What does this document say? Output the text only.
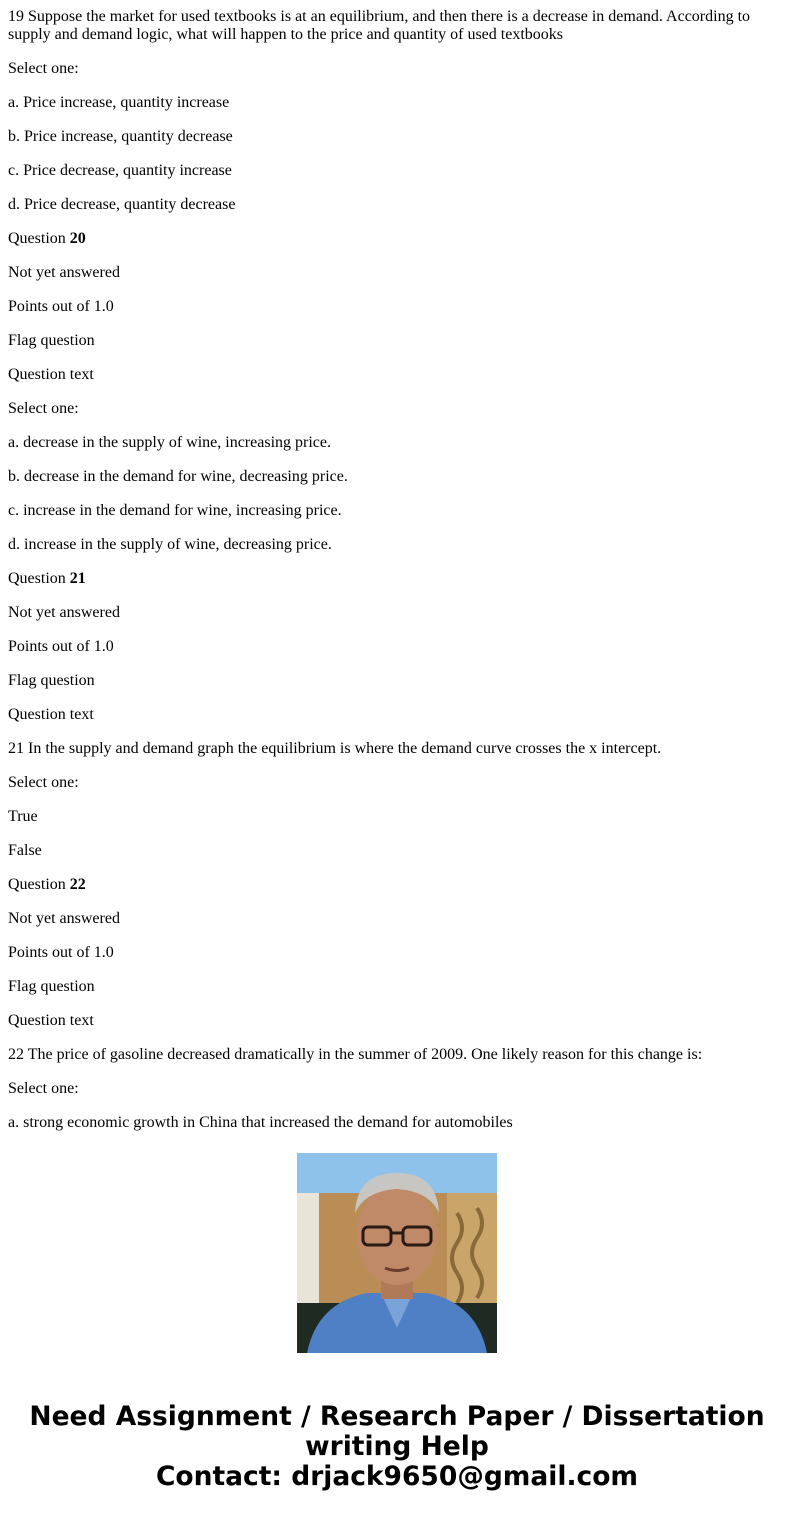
19 Suppose the market for used textbooks is at an equilibrium, and then there is a decrease in demand. According to supply and demand logic, what will happen to the price and quantity of used textbooks

Select one:

a. Price increase, quantity increase

b. Price increase, quantity decrease

c. Price decrease, quantity increase

d. Price decrease, quantity decrease

Question 20

Not yet answered

Points out of 1.0

Flag question

Question text

Select one:

a. decrease in the supply of wine, increasing price.

b. decrease in the demand for wine, decreasing price.

c. increase in the demand for wine, increasing price.

d. increase in the supply of wine, decreasing price.

Question 21

Not yet answered

Points out of 1.0

Flag question

Question text

21 In the supply and demand graph the equilibrium is where the demand curve crosses the x intercept.

Select one:

True

False

Question 22

Not yet answered

Points out of 1.0

Flag question

Question text

22 The price of gasoline decreased dramatically in the summer of 2009. One likely reason for this change is:

Select one:

a. strong economic growth in China that increased the demand for automobiles

Need Assignment / Research Paper / Dissertation
writing Help
Contact: drjack9650@gmail.com
